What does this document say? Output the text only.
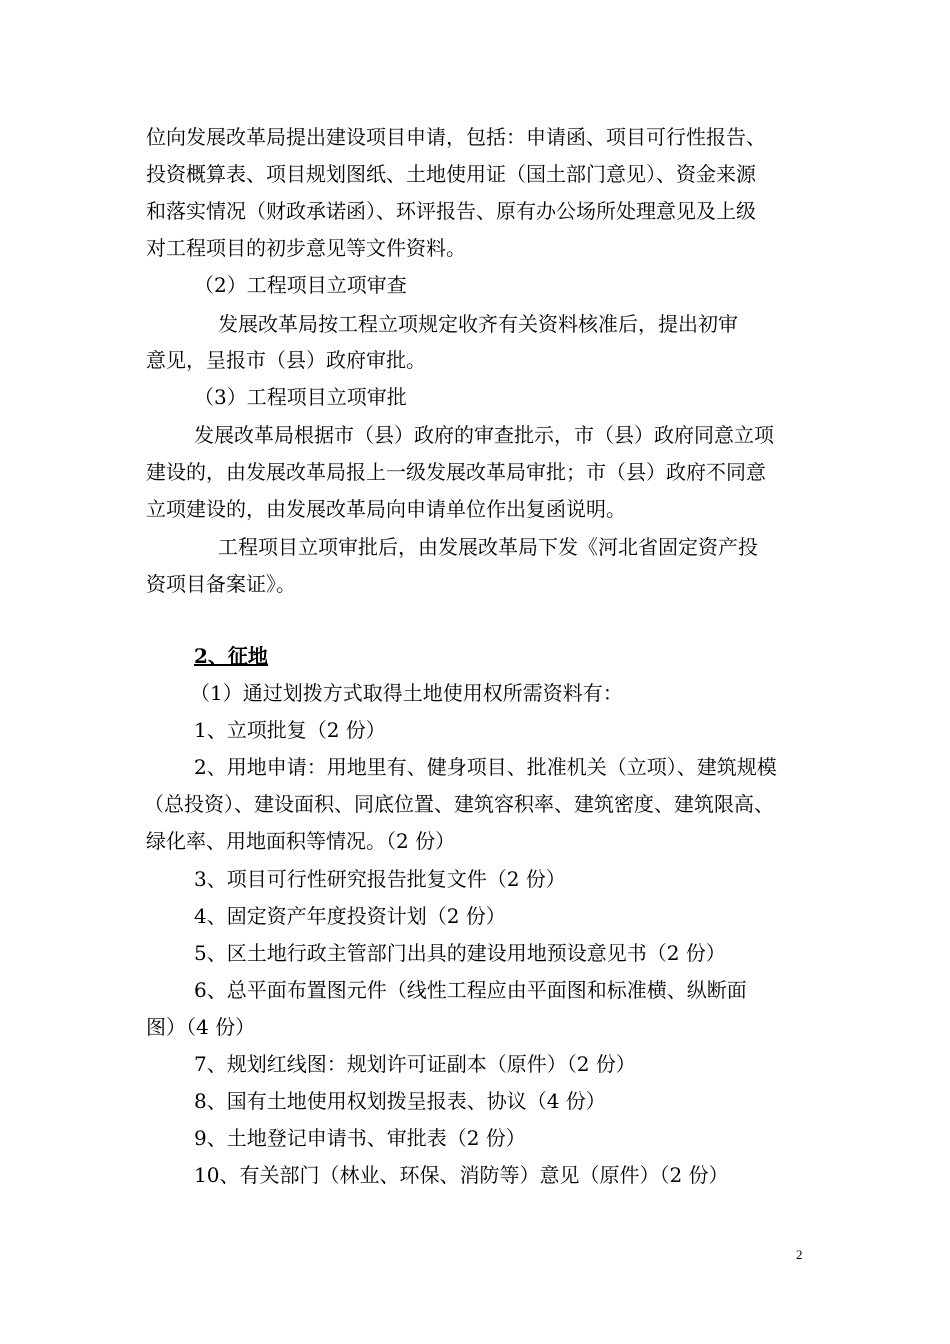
位向发展改革局提出建设项目申请，包括：申请函、项目可行性报告、
投资概算表、项目规划图纸、土地使用证（国土部门意见）、资金来源
和落实情况（财政承诺函）、环评报告、原有办公场所处理意见及上级
对工程项目的初步意见等文件资料。
（2）工程项目立项审查
发展改革局按工程立项规定收齐有关资料核准后，提出初审
意见，呈报市（县）政府审批。
（3）工程项目立项审批
发展改革局根据市（县）政府的审查批示，市（县）政府同意立项
建设的，由发展改革局报上一级发展改革局审批；市（县）政府不同意
立项建设的，由发展改革局向申请单位作出复函说明。
工程项目立项审批后，由发展改革局下发《河北省固定资产投
资项目备案证》。
2、征地
（1）通过划拨方式取得土地使用权所需资料有：
1、立项批复（2 份）
2、用地申请：用地里有、健身项目、批准机关（立项）、建筑规模
（总投资）、建设面积、同底位置、建筑容积率、建筑密度、建筑限高、
绿化率、用地面积等情况。（2 份）
3、项目可行性研究报告批复文件（2 份）
4、固定资产年度投资计划（2 份）
5、区土地行政主管部门出具的建设用地预设意见书（2 份）
6、总平面布置图元件（线性工程应由平面图和标准横、纵断面
图）（4 份）
7、规划红线图：规划许可证副本（原件）（2 份）
8、国有土地使用权划拨呈报表、协议（4 份）
9、土地登记申请书、审批表（2 份）
10、有关部门（林业、环保、消防等）意见（原件）（2 份）
2
